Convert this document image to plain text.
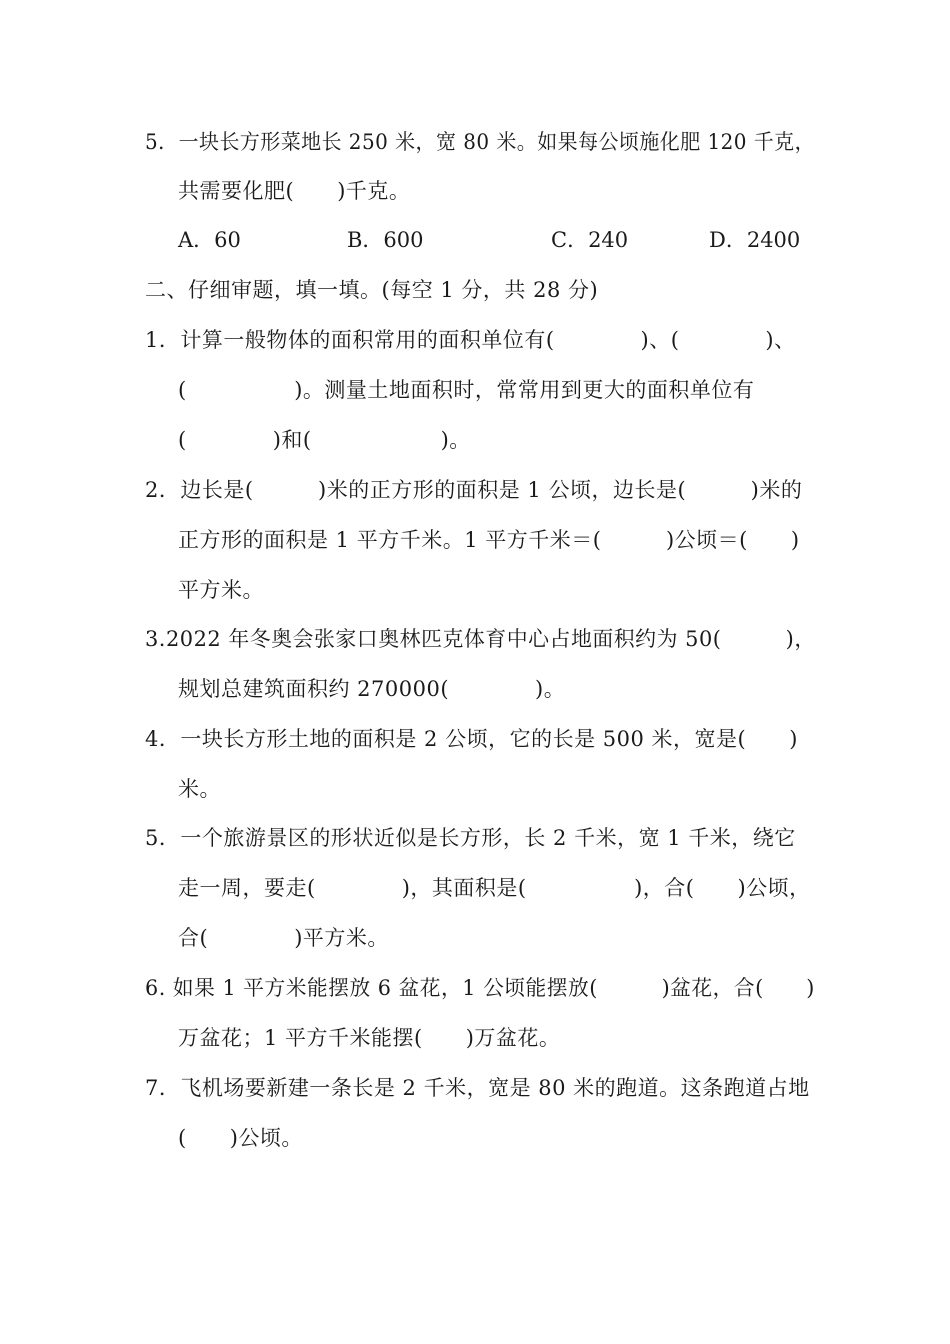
5．一块长方形菜地长 250 米，宽 80 米。如果每公顷施化肥 120 千克，
共需要化肥(　　)千克。
A．60	B．600	C．240	D．2400
二、仔细审题，填一填。(每空 1 分，共 28 分)
1．计算一般物体的面积常用的面积单位有(　　　　)、(　　　　)、
(　　　　　)。测量土地面积时，常常用到更大的面积单位有
(　　　　)和(　　　　　　)。
2．边长是(　　　)米的正方形的面积是 1 公顷，边长是(　　　)米的
正方形的面积是 1 平方千米。1 平方千米＝(　　　)公顷＝(　　)
平方米。
3.2022 年冬奥会张家口奥林匹克体育中心占地面积约为 50(　　　)，
规划总建筑面积约 270000(　　　　)。
4．一块长方形土地的面积是 2 公顷，它的长是 500 米，宽是(　　)
米。
5．一个旅游景区的形状近似是长方形，长 2 千米，宽 1 千米，绕它
走一周，要走(　　　　)，其面积是(　　　　　)，合(　　)公顷，
合(　　　　)平方米。
6. 如果 1 平方米能摆放 6 盆花，1 公顷能摆放(　　　)盆花，合(　　)
万盆花；1 平方千米能摆(　　)万盆花。
7．飞机场要新建一条长是 2 千米，宽是 80 米的跑道。这条跑道占地
(　　)公顷。
